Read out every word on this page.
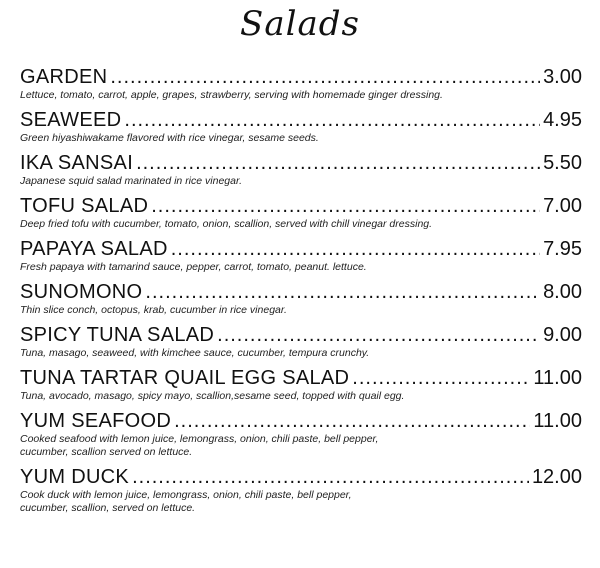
Salads
GARDEN .....	3.00
Lettuce, tomato, carrot, apple, grapes, strawberry, serving with homemade ginger dressing.
SEAWEED .....	4.95
Green hiyashiwakame flavored with rice vinegar, sesame seeds.
IKA SANSAI .....	5.50
Japanese squid salad marinated in rice vinegar.
TOFU SALAD .....	7.00
Deep fried tofu with cucumber, tomato, onion, scallion, served with chill vinegar dressing.
PAPAYA SALAD .....	7.95
Fresh papaya with tamarind sauce, pepper, carrot, tomato, peanut. lettuce.
SUNOMONO .....	8.00
Thin slice conch, octopus, krab, cucumber in rice vinegar.
SPICY TUNA SALAD .....	9.00
Tuna, masago, seaweed, with kimchee sauce, cucumber, tempura crunchy.
TUNA TARTAR QUAIL EGG SALAD .....	11.00
Tuna, avocado, masago, spicy mayo, scallion,sesame seed, topped with quail egg.
YUM SEAFOOD .....	11.00
Cooked seafood with lemon juice, lemongrass, onion, chili paste, bell pepper,
cucumber, scallion served on lettuce.
YUM DUCK .....	12.00
Cook duck with lemon juice, lemongrass, onion, chili paste, bell pepper,
cucumber, scallion, served on lettuce.
